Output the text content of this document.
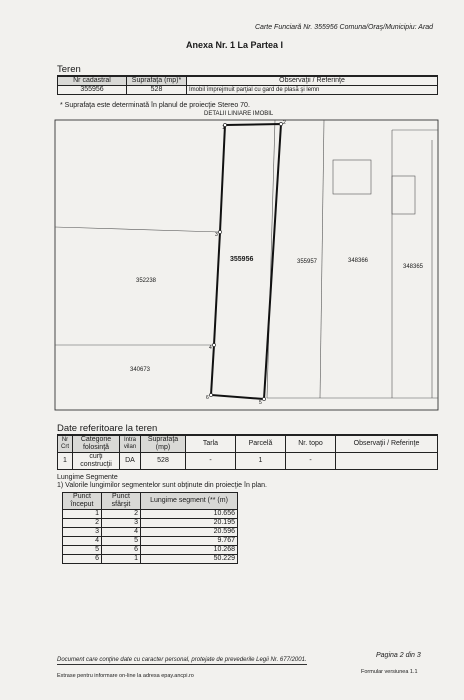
Carte Funciară Nr. 355956 Comuna/Oraş/Municipiu: Arad
Anexa Nr. 1 La Partea I
Teren
Nr cadastral	Suprafaţa (mp)*	Observaţii / Referinţe
355956	528	Imobil împrejmuit parţial cu gard de plasă şi lemn
* Suprafaţa este determinată în planul de proiecţie Stereo 70.
DETALII LINIARE IMOBIL
1
2
5
6
4
3
355956	355957	348366
348365
352238
340673
Date referitoare la teren
Nr Crt	Categorie folosinţă	Intra vilan	Suprafaţa (mp)	Tarla	Parcelă	Nr. topo	Observaţii / Referinţe
1	curţi construcţii	DA	528	-	1	-	
Lungime Segmente
1) Valorile lungimilor segmentelor sunt obţinute din proiecţie în plan.
Punct început	Punct sfârşit	Lungime segment (** (m)
1	2	10.656
2	3	20.195
3	4	20.596
4	5	9.767
5	6	10.268
6	1	50.229
Pagina 2 din 3
Document care conţine date cu caracter personal, protejate de prevederile Legii Nr. 677/2001.
Extrase pentru informare on-line la adresa epay.ancpi.ro
Formular versiunea 1.1
